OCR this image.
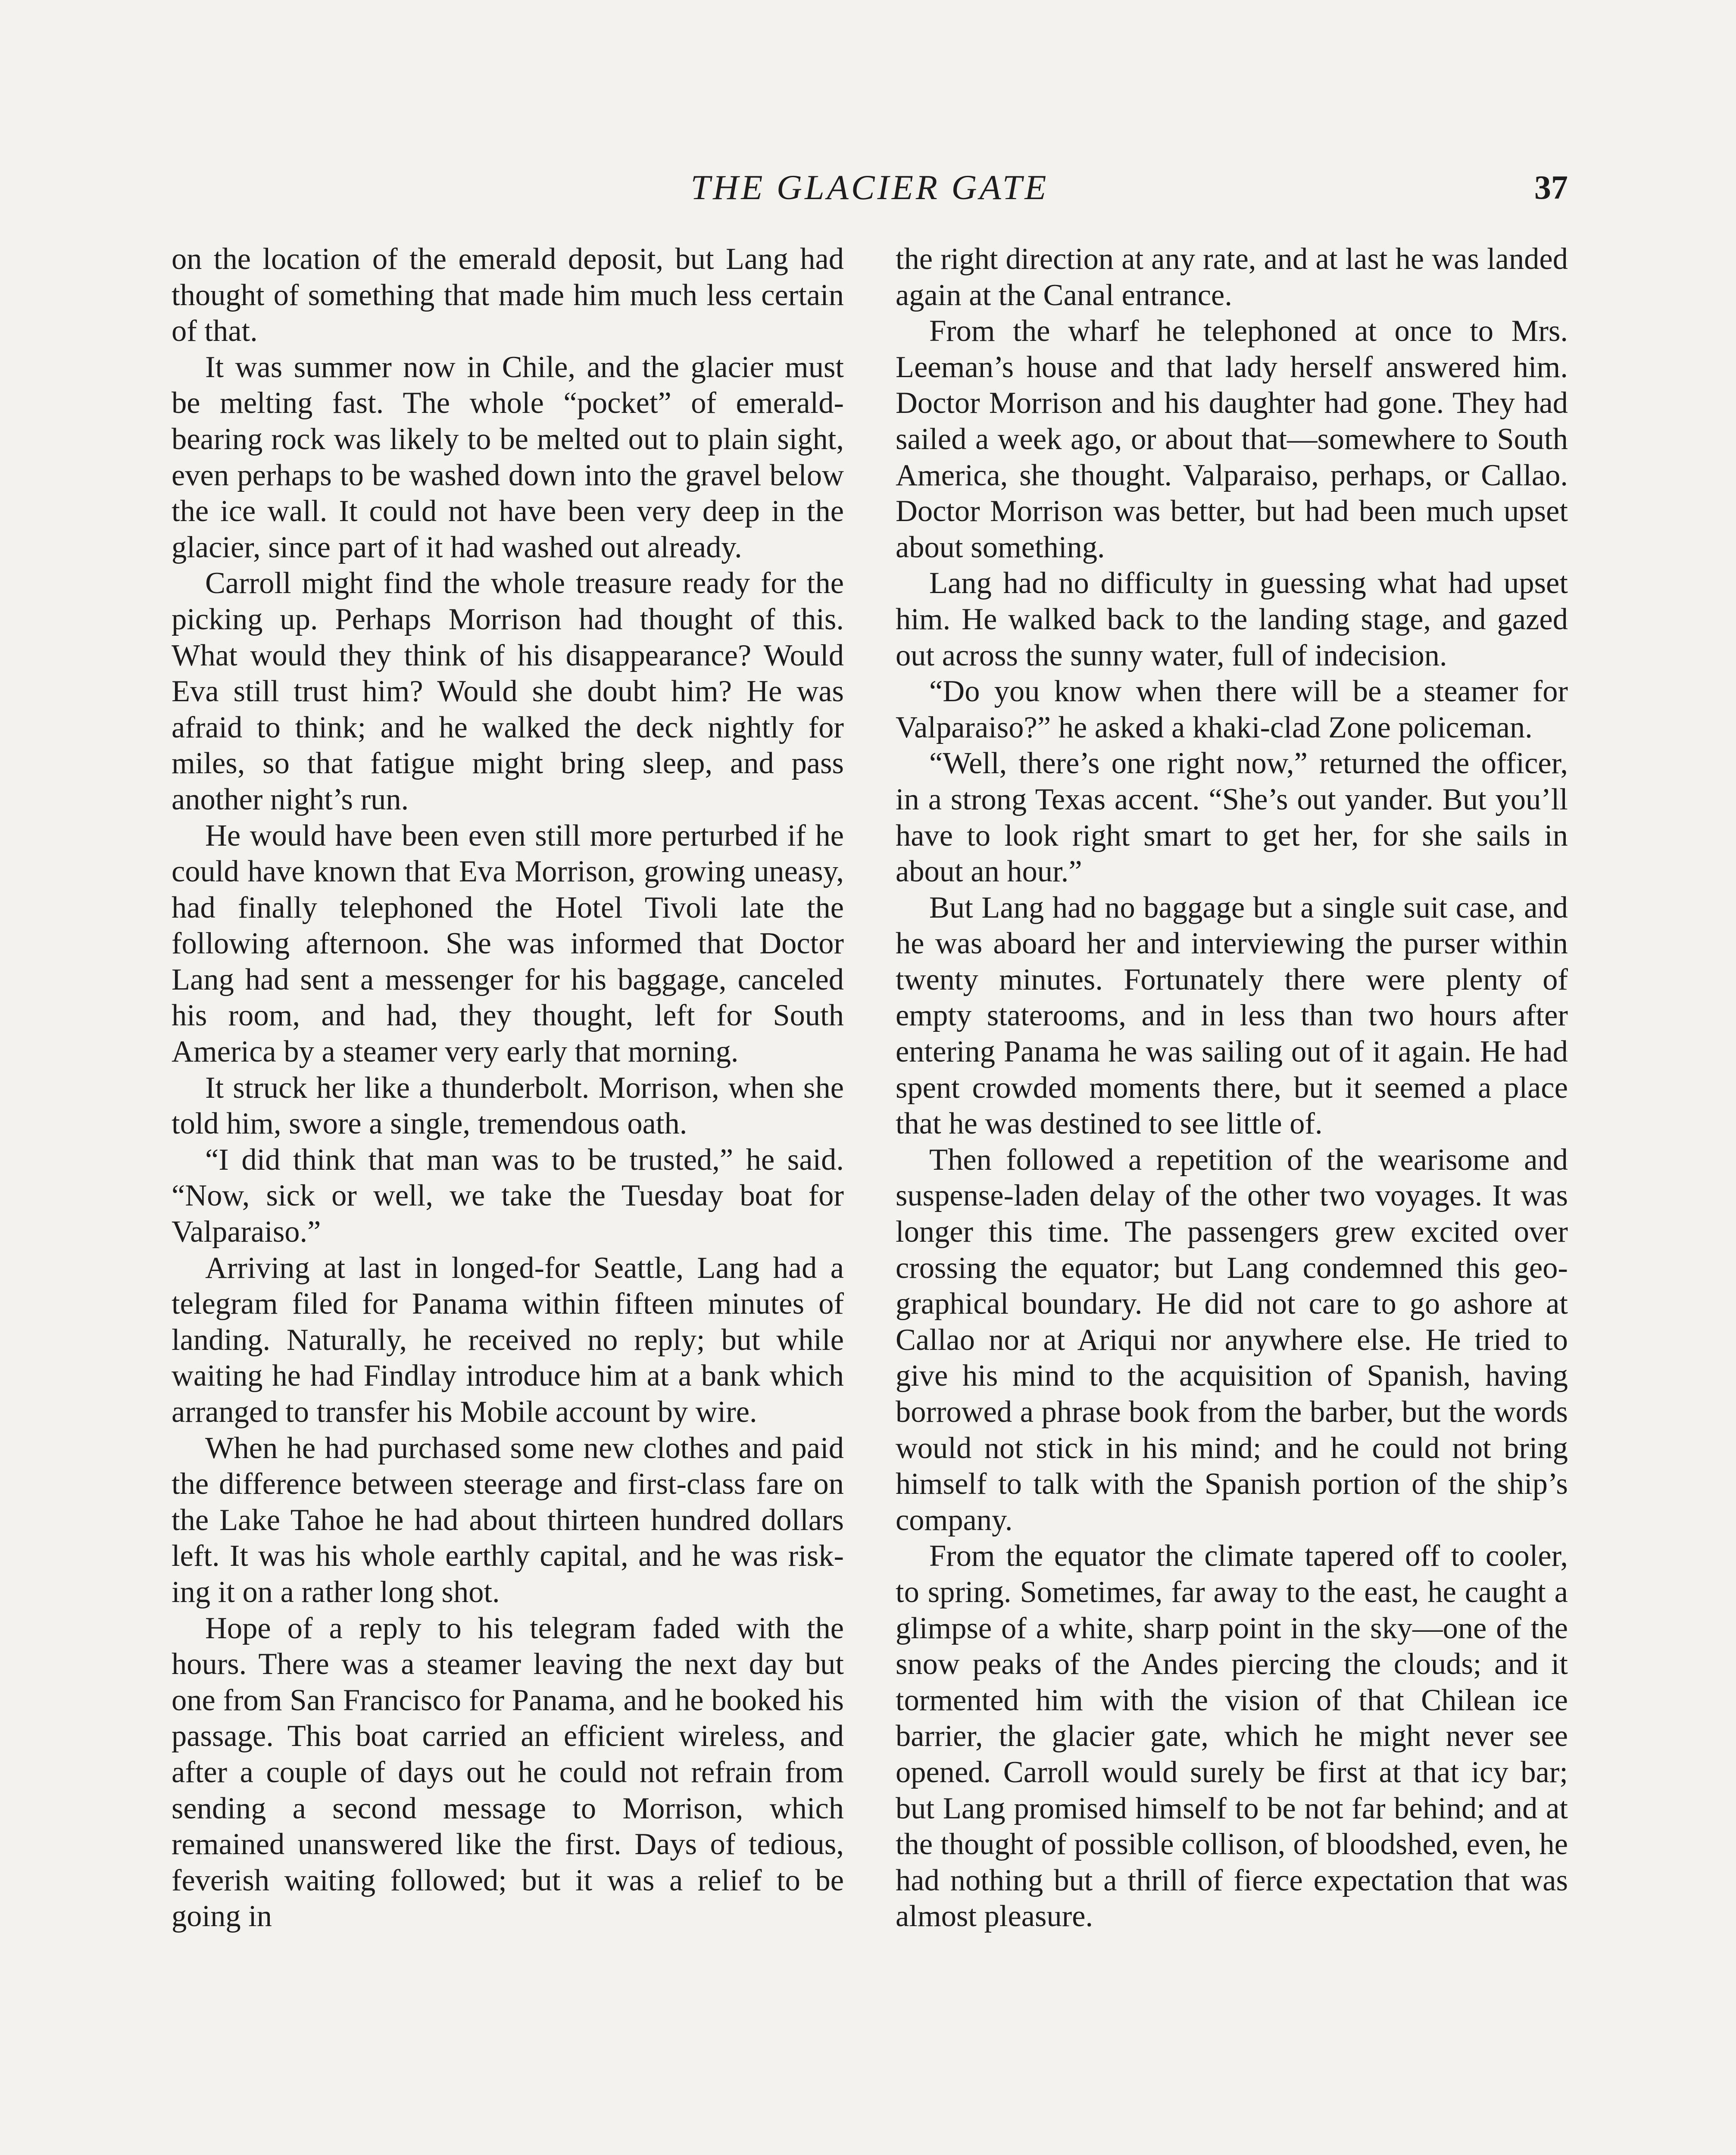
THE GLACIER GATE	37

on the location of the emerald deposit, but Lang had thought of something that made him much less certain of that.

It was summer now in Chile, and the glacier must be melting fast. The whole “pocket” of emerald-bearing rock was likely to be melted out to plain sight, even perhaps to be washed down into the gravel below the ice wall. It could not have been very deep in the glacier, since part of it had washed out already.

Carroll might find the whole treasure ready for the picking up. Perhaps Morrison had thought of this. What would they think of his disappearance? Would Eva still trust him? Would she doubt him? He was afraid to think; and he walked the deck nightly for miles, so that fatigue might bring sleep, and pass another night’s run.

He would have been even still more perturbed if he could have known that Eva Morrison, growing uneasy, had finally telephoned the Hotel Tivoli late the following afternoon. She was informed that Doctor Lang had sent a messenger for his baggage, canceled his room, and had, they thought, left for South America by a steamer very early that morning.

It struck her like a thunderbolt. Morrison, when she told him, swore a single, tremendous oath.

“I did think that man was to be trusted,” he said. “Now, sick or well, we take the Tuesday boat for Valparaiso.”

Arriving at last in longed-for Seattle, Lang had a telegram filed for Panama within fifteen minutes of landing. Naturally, he received no reply; but while waiting he had Findlay introduce him at a bank which arranged to transfer his Mobile account by wire.

When he had purchased some new clothes and paid the difference between steerage and first-class fare on the Lake Tahoe he had about thirteen hundred dollars left. It was his whole earthly capital, and he was risking it on a rather long shot.

Hope of a reply to his telegram faded with the hours. There was a steamer leaving the next day but one from San Francisco for Panama, and he booked his passage. This boat carried an efficient wireless, and after a couple of days out he could not refrain from sending a second message to Morrison, which remained unanswered like the first. Days of tedious, feverish waiting followed; but it was a relief to be going in

the right direction at any rate, and at last he was landed again at the Canal entrance.

From the wharf he telephoned at once to Mrs. Leeman’s house and that lady herself answered him. Doctor Morrison and his daughter had gone. They had sailed a week ago, or about that—somewhere to South America, she thought. Valparaiso, perhaps, or Callao. Doctor Morrison was better, but had been much upset about something.

Lang had no difficulty in guessing what had upset him. He walked back to the landing stage, and gazed out across the sunny water, full of indecision.

“Do you know when there will be a steamer for Valparaiso?” he asked a khaki-clad Zone policeman.

“Well, there’s one right now,” returned the officer, in a strong Texas accent. “She’s out yander. But you’ll have to look right smart to get her, for she sails in about an hour.”

But Lang had no baggage but a single suit case, and he was aboard her and interviewing the purser within twenty minutes. Fortunately there were plenty of empty staterooms, and in less than two hours after entering Panama he was sailing out of it again. He had spent crowded moments there, but it seemed a place that he was destined to see little of.

Then followed a repetition of the wearisome and suspense-laden delay of the other two voyages. It was longer this time. The passengers grew excited over crossing the equator; but Lang condemned this geographical boundary. He did not care to go ashore at Callao nor at Ariqui nor anywhere else. He tried to give his mind to the acquisition of Spanish, having borrowed a phrase book from the barber, but the words would not stick in his mind; and he could not bring himself to talk with the Spanish portion of the ship’s company.

From the equator the climate tapered off to cooler, to spring. Sometimes, far away to the east, he caught a glimpse of a white, sharp point in the sky—one of the snow peaks of the Andes piercing the clouds; and it tormented him with the vision of that Chilean ice barrier, the glacier gate, which he might never see opened. Carroll would surely be first at that icy bar; but Lang promised himself to be not far behind; and at the thought of possible collison, of bloodshed, even, he had nothing but a thrill of fierce expectation that was almost pleasure.
